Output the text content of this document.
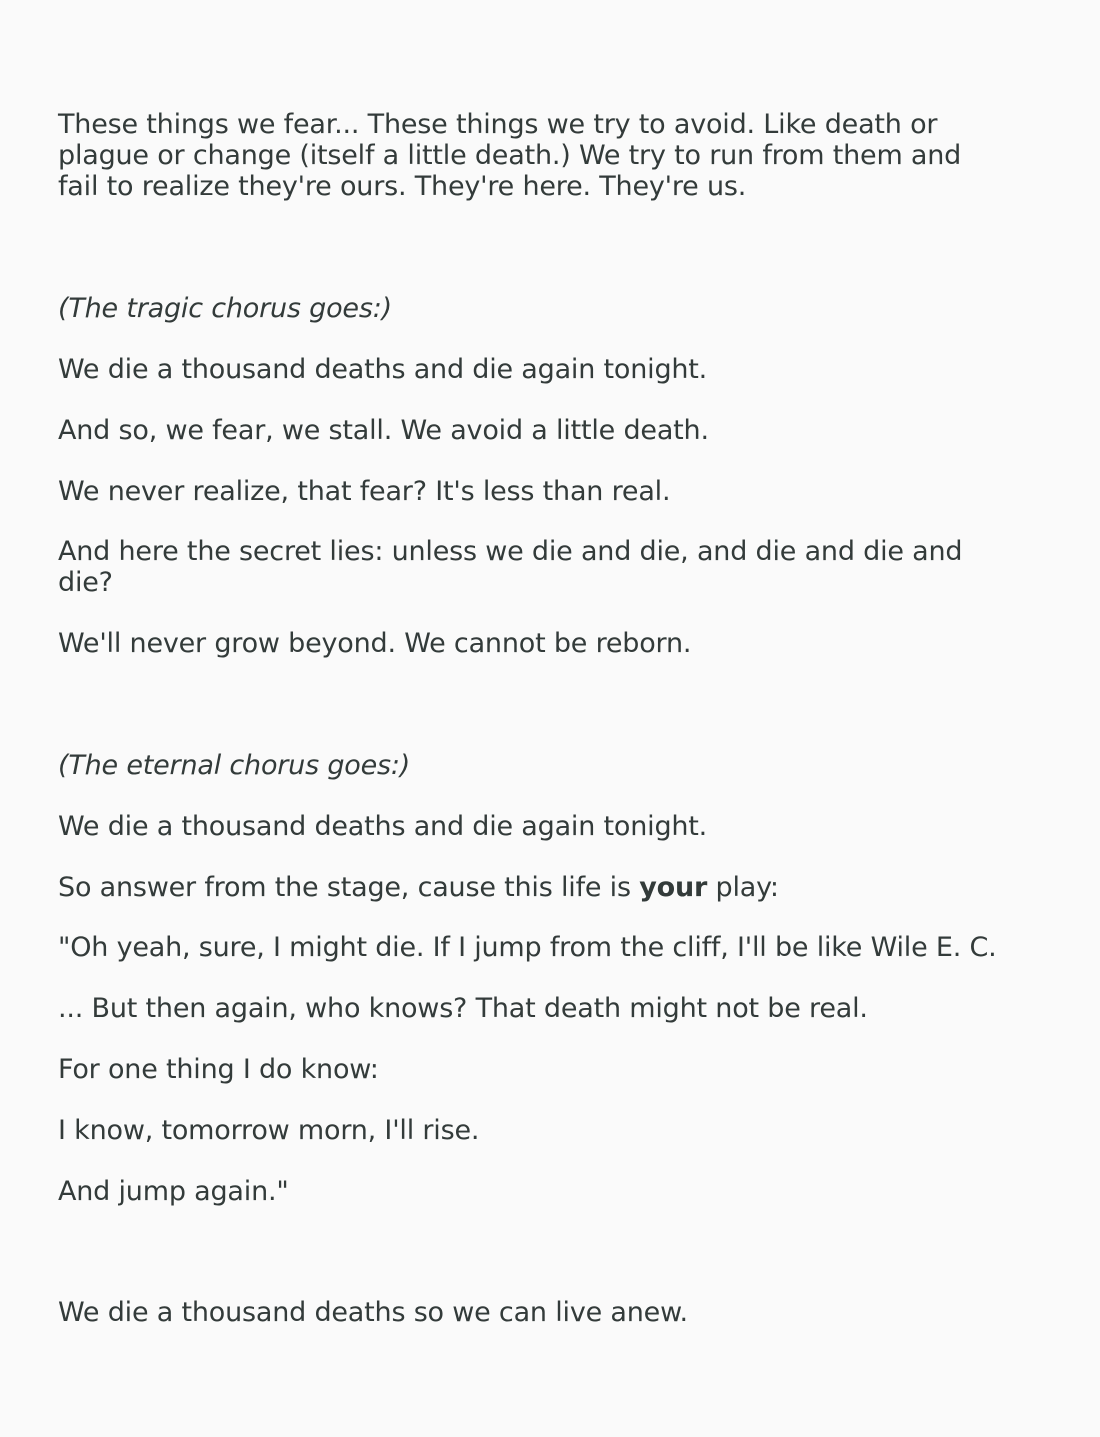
These things we fear... These things we try to avoid. Like death or

plague or change (itself a little death.) We try to run from them and

fail to realize they're ours. They're here. They're us.

(The tragic chorus goes:)

We die a thousand deaths and die again tonight.

And so, we fear, we stall. We avoid a little death.

We never realize, that fear? It's less than real.

And here the secret lies: unless we die and die, and die and die and

die?

We'll never grow beyond. We cannot be reborn.

(The eternal chorus goes:)

We die a thousand deaths and die again tonight.

So answer from the stage, cause this life is your play:

"Oh yeah, sure, I might die. If I jump from the cliff, I'll be like Wile E. C.

... But then again, who knows? That death might not be real.

For one thing I do know:

I know, tomorrow morn, I'll rise.

And jump again."

We die a thousand deaths so we can live anew.
